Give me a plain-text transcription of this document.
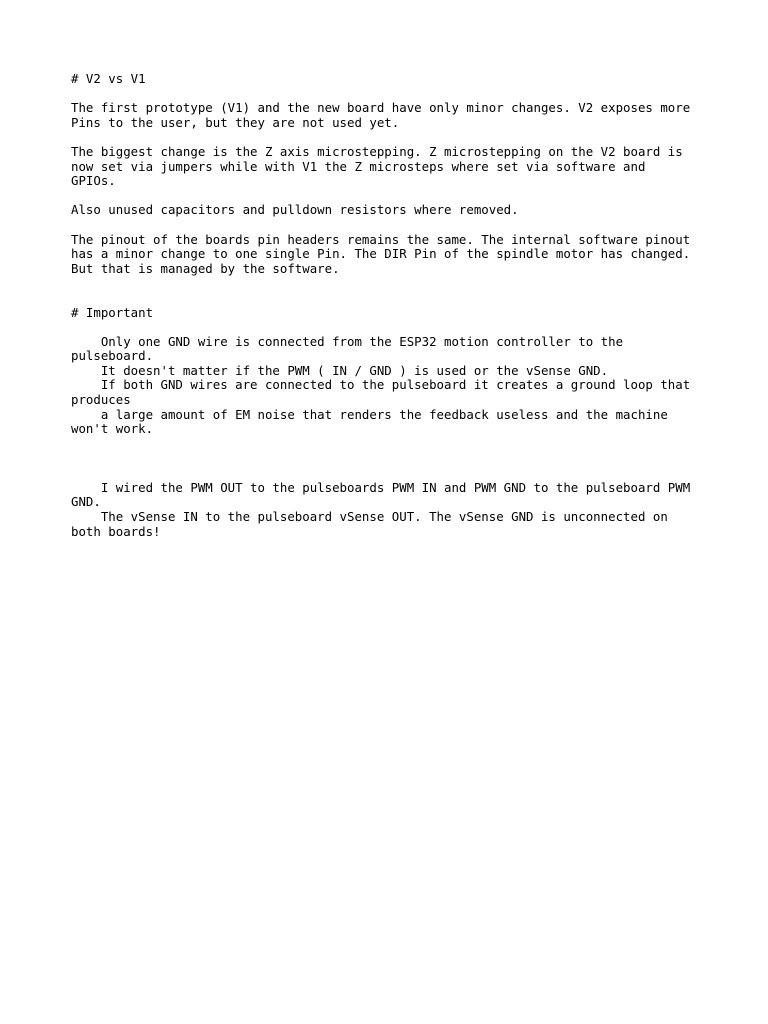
# V2 vs V1
The first prototype (V1) and the new board have only minor changes. V2 exposes more
Pins to the user, but they are not used yet.
The biggest change is the Z axis microstepping. Z microstepping on the V2 board is
now set via jumpers while with V1 the Z microsteps where set via software and
GPIOs.
Also unused capacitors and pulldown resistors where removed.
The pinout of the boards pin headers remains the same. The internal software pinout
has a minor change to one single Pin. The DIR Pin of the spindle motor has changed.
But that is managed by the software.
# Important
Only one GND wire is connected from the ESP32 motion controller to the
pulseboard.
It doesn't matter if the PWM ( IN / GND ) is used or the vSense GND.
If both GND wires are connected to the pulseboard it creates a ground loop that
produces
a large amount of EM noise that renders the feedback useless and the machine
won't work.
I wired the PWM OUT to the pulseboards PWM IN and PWM GND to the pulseboard PWM
GND.
The vSense IN to the pulseboard vSense OUT. The vSense GND is unconnected on
both boards!
